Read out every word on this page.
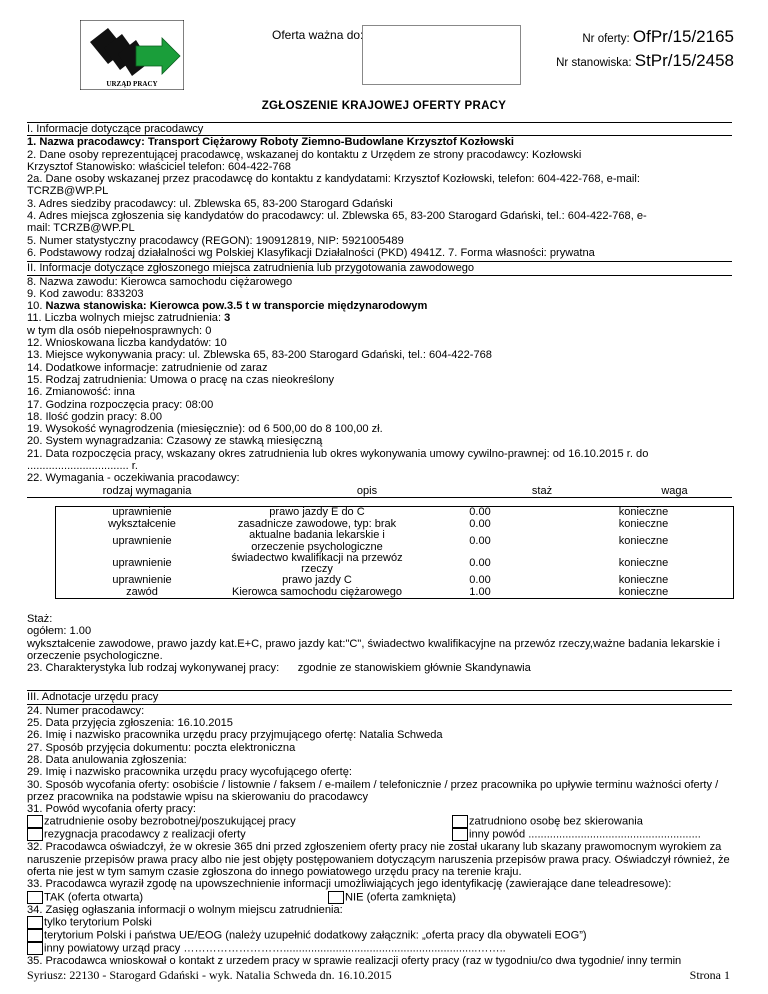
URZĄD PRACY
Oferta ważna do:	Nr oferty: OfPr/15/2165
Nr stanowiska: StPr/15/2458
ZGŁOSZENIE KRAJOWEJ OFERTY PRACY
I. Informacje dotyczące pracodawcy
1. Nazwa pracodawcy: Transport Ciężarowy Roboty Ziemno-Budowlane Krzysztof Kozłowski
2. Dane osoby reprezentującej pracodawcę, wskazanej do kontaktu z Urzędem ze strony pracodawcy: Kozłowski
Krzysztof Stanowisko: właściciel telefon: 604-422-768
2a. Dane osoby wskazanej przez pracodawcę do kontaktu z kandydatami: Krzysztof Kozłowski, telefon: 604-422-768, e-mail:
TCRZB@WP.PL
3. Adres siedziby pracodawcy: ul. Zblewska 65, 83-200 Starogard Gdański
4. Adres miejsca zgłoszenia się kandydatów do pracodawcy: ul. Zblewska 65, 83-200 Starogard Gdański, tel.: 604-422-768, e-
mail: TCRZB@WP.PL
5. Numer statystyczny pracodawcy (REGON): 190912819, NIP: 5921005489
6. Podstawowy rodzaj działalności wg Polskiej Klasyfikacji Działalności (PKD) 4941Z. 7. Forma własności: prywatna
II. Informacje dotyczące zgłoszonego miejsca zatrudnienia lub przygotowania zawodowego
8. Nazwa zawodu: Kierowca samochodu ciężarowego
9. Kod zawodu: 833203
10. Nazwa stanowiska: Kierowca pow.3.5 t w transporcie międzynarodowym
11. Liczba wolnych miejsc zatrudnienia: 3
w tym dla osób niepełnosprawnych: 0
12. Wnioskowana liczba kandydatów: 10
13. Miejsce wykonywania pracy: ul. Zblewska 65, 83-200 Starogard Gdański, tel.: 604-422-768
14. Dodatkowe informacje: zatrudnienie od zaraz
15. Rodzaj zatrudnienia: Umowa o pracę na czas nieokreślony
16. Zmianowość: inna
17. Godzina rozpoczęcia pracy: 08:00
18. Ilość godzin pracy: 8.00
19. Wysokość wynagrodzenia (miesięcznie): od 6 500,00 do 8 100,00 zł.
20. System wynagradzania: Czasowy ze stawką miesięczną
21. Data rozpoczęcia pracy, wskazany okres zatrudnienia lub okres wykonywania umowy cywilno-prawnej: od 16.10.2015 r. do
................................. r.
22. Wymagania - oczekiwania pracodawcy:
rodzaj wymagania	opis	staż	waga
uprawnienie	prawo jazdy E do C	0.00	konieczne
wykształcenie	zasadnicze zawodowe, typ: brak	0.00	konieczne
uprawnienie	aktualne badania lekarskie i orzeczenie psychologiczne	0.00	konieczne
uprawnienie	świadectwo kwalifikacji na przewóz rzeczy	0.00	konieczne
uprawnienie	prawo jazdy C	0.00	konieczne
zawód	Kierowca samochodu ciężarowego	1.00	konieczne
Staż:
ogółem: 1.00
wykształcenie zawodowe, prawo jazdy kat.E+C, prawo jazdy kat:"C", świadectwo kwalifikacyjne na przewóz rzeczy,ważne badania lekarskie i orzeczenie psychologiczne.
23. Charakterystyka lub rodzaj wykonywanej pracy: zgodnie ze stanowiskiem głównie Skandynawia
III. Adnotacje urzędu pracy
24. Numer pracodawcy:
25. Data przyjęcia zgłoszenia: 16.10.2015
26. Imię i nazwisko pracownika urzędu pracy przyjmującego ofertę: Natalia Schweda
27. Sposób przyjęcia dokumentu: poczta elektroniczna
28. Data anulowania zgłoszenia:
29. Imię i nazwisko pracownika urzędu pracy wycofującego ofertę:
30. Sposób wycofania oferty: osobiście / listownie / faksem / e-mailem / telefonicznie / przez pracownika po upływie terminu ważności oferty / przez pracownika na podstawie wpisu na skierowaniu do pracodawcy
31. Powód wycofania oferty pracy:
zatrudnienie osoby bezrobotnej/poszukującej pracy	zatrudniono osobę bez skierowania
rezygnacja pracodawcy z realizacji oferty	inny powód ........................................................
32. Pracodawca oświadczył, że w okresie 365 dni przed zgłoszeniem oferty pracy nie został ukarany lub skazany prawomocnym wyrokiem za naruszenie przepisów prawa pracy albo nie jest objęty postępowaniem dotyczącym naruszenia przepisów prawa pracy. Oświadczył również, że oferta nie jest w tym samym czasie zgłoszona do innego powiatowego urzędu pracy na terenie kraju.
33. Pracodawca wyraził zgodę na upowszechnienie informacji umożliwiających jego identyfikację (zawierające dane teleadresowe):
TAK (oferta otwarta)	NIE (oferta zamknięta)
34. Zasięg ogłaszania informacji o wolnym miejscu zatrudnienia:
tylko terytorium Polski
terytorium Polski i państwa UE/EOG (należy uzupełnić dodatkowy załącznik: „oferta pracy dla obywateli EOG”)
inny powiatowy urząd pracy ………………………...............................................................……..
35. Pracodawca wnioskował o kontakt z urzedem pracy w sprawie realizacji oferty pracy (raz w tygodniu/co dwa tygodnie/ inny termin
Syriusz: 22130 - Starogard Gdański - wyk. Natalia Schweda dn. 16.10.2015	Strona 1
